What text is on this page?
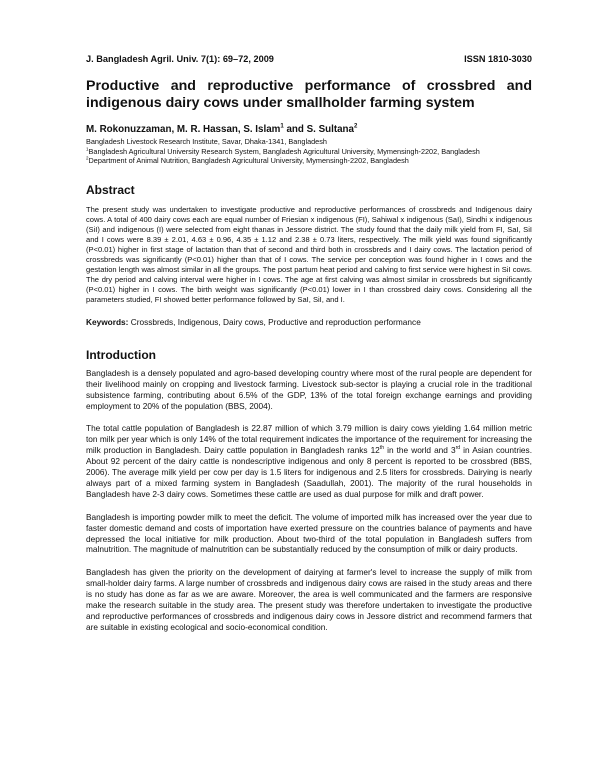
J. Bangladesh Agril. Univ. 7(1): 69–72, 2009	ISSN 1810-3030
Productive and reproductive performance of crossbred and
indigenous dairy cows under smallholder farming system
M. Rokonuzzaman, M. R. Hassan, S. Islam$^1$ and S. Sultana$^2$
Bangladesh Livestock Research Institute, Savar, Dhaka-1341, Bangladesh
$^1$Bangladesh Agricultural University Research System, Bangladesh Agricultural University, Mymensingh-2202, Bangladesh
$^2$Department of Animal Nutrition, Bangladesh Agricultural University, Mymensingh-2202, Bangladesh
Abstract

The present study was undertaken to investigate productive and reproductive performances of crossbreds and Indigenous dairy cows. A total of 400 dairy cows each are equal number of Friesian x indigenous (FI), Sahiwal x indigenous (SaI), Sindhi x indigenous (SiI) and indigenous (I) were selected from eight thanas in Jessore district. The study found that the daily milk yield from FI, SaI, SiI and I cows were 8.39 ± 2.01, 4.63 ± 0.96, 4.35 ± 1.12 and 2.38 ± 0.73 liters, respectively. The milk yield was found significantly (P<0.01) higher in first stage of lactation than that of second and third both in crossbreds and I dairy cows. The lactation period of crossbreds was significantly (P<0.01) higher than that of I cows. The service per conception was found higher in I cows and the gestation length was almost similar in all the groups. The post partum heat period and calving to first service were highest in SiI cows. The dry period and calving interval were higher in I cows. The age at first calving was almost similar in crossbreds but significantly (P<0.01) higher in I cows. The birth weight was significantly (P<0.01) lower in I than crossbred dairy cows. Considering all the parameters studied, FI showed better performance followed by SaI, SiI, and I.

Keywords: Crossbreds, Indigenous, Dairy cows, Productive and reproduction performance
Introduction

Bangladesh is a densely populated and agro-based developing country where most of the rural people are dependent for their livelihood mainly on cropping and livestock farming. Livestock sub-sector is playing a crucial role in the traditional subsistence farming, contributing about 6.5% of the GDP, 13% of the total foreign exchange earnings and providing employment to 20% of the population (BBS, 2004).

The total cattle population of Bangladesh is 22.87 million of which 3.79 million is dairy cows yielding 1.64 million metric ton milk per year which is only 14% of the total requirement indicates the importance of the requirement for increasing the milk production in Bangladesh. Dairy cattle population in Bangladesh ranks 12th in the world and 3rd in Asian countries. About 92 percent of the dairy cattle is nondescriptive indigenous and only 8 percent is reported to be crossbred (BBS, 2006). The average milk yield per cow per day is 1.5 liters for indigenous and 2.5 liters for crossbreds. Dairying is nearly always part of a mixed farming system in Bangladesh (Saadullah, 2001). The majority of the rural households in Bangladesh have 2-3 dairy cows. Sometimes these cattle are used as dual purpose for milk and draft power.

Bangladesh is importing powder milk to meet the deficit. The volume of imported milk has increased over the year due to faster domestic demand and costs of importation have exerted pressure on the countries balance of payments and have depressed the local initiative for milk production. About two-third of the total population in Bangladesh suffers from malnutrition. The magnitude of malnutrition can be substantially reduced by the consumption of milk or dairy products.

Bangladesh has given the priority on the development of dairying at farmer's level to increase the supply of milk from small-holder dairy farms. A large number of crossbreds and indigenous dairy cows are raised in the study areas and there is no study has done as far as we are aware. Moreover, the area is well communicated and the farmers are responsive make the research suitable in the study area. The present study was therefore undertaken to investigate the productive and reproductive performances of crossbreds and indigenous dairy cows in Jessore district and recommend farmers that are suitable in existing ecological and socio-economical condition.
